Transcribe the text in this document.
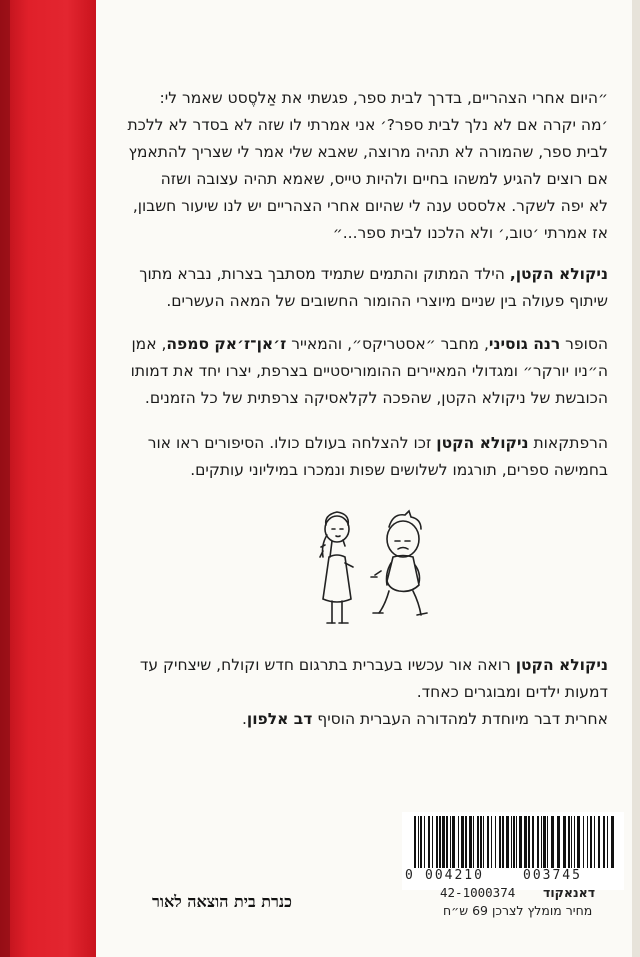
״היום אחרי הצהריים, בדרך לבית ספר, פגשתי את אַלסֶסט שאמר לי:

׳מה יקרה אם לא נלך לבית ספר?׳ אני אמרתי לו שזה לא בסדר לא ללכת

לבית ספר, שהמורה לא תהיה מרוצה, שאבא שלי אמר לי שצריך להתאמץ

אם רוצים להגיע למשהו בחיים ולהיות טייס, שאמא תהיה עצובה ושזה

לא יפה לשקר. אלססט ענה לי שהיום אחרי הצהריים יש לנו שיעור חשבון,

אז אמרתי ׳טוב,׳ ולא הלכנו לבית ספר...״

ניקולא הקטן, הילד המתוק והתמים שתמיד מסתבך בצרות, נברא מתוך

שיתוף פעולה בין שניים מיוצרי ההומור החשובים של המאה העשרים.

הסופר רנה גוסיני, מחבר ״אסטריקס״, והמאייר ז׳אן־ז׳אק סמפה, אמן

ה״ניו יורקר״ ומגדולי המאיירים ההומוריסטיים בצרפת, יצרו יחד את דמותו

הכובשת של ניקולא הקטן, שהפכה לקלאסיקה צרפתית של כל הזמנים.

הרפתקאות ניקולא הקטן זכו להצלחה בעולם כולו. הסיפורים ראו אור

בחמישה ספרים, תורגמו לשלושים שפות ונמכרו במיליוני עותקים.

ניקולא הקטן רואה אור עכשיו בעברית בתרגום חדש וקולח, שיצחיק עד

דמעות ילדים ומבוגרים כאחד.

אחרית דבר מיוחדת למהדורה העברית הוסיף דב אלפון.

0 004210	003745
דאנאקוד
42-1000374
מחיר מומלץ לצרכן 69 ש״ח
כנרת בית הוצאה לאור
